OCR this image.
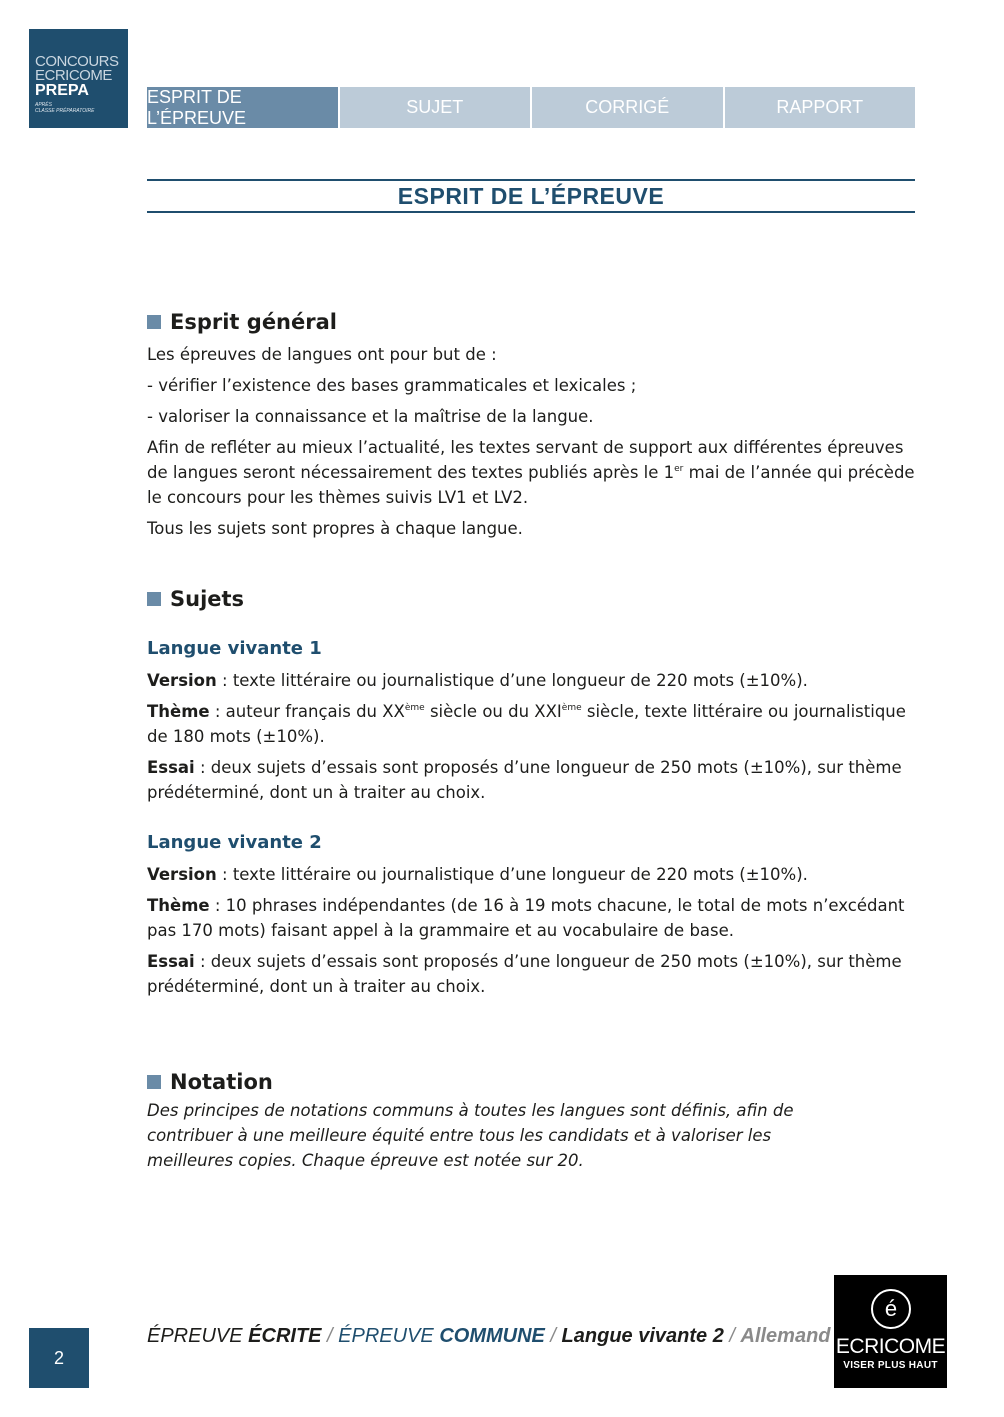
CONCOURS
ECRICOME
PREPA
APRÈS
CLASSE PRÉPARATOIRE
ESPRIT DE L’ÉPREUVE
SUJET	CORRIGÉ	RAPPORT
ESPRIT DE L’ÉPREUVE
Esprit général

Les épreuves de langues ont pour but de :

- vérifier l’existence des bases grammaticales et lexicales ;

- valoriser la connaissance et la maîtrise de la langue.

Afin de refléter au mieux l’actualité, les textes servant de support aux différentes épreuves de langues seront nécessairement des textes publiés après le 1er mai de l’année qui précède le concours pour les thèmes suivis LV1 et LV2.

Tous les sujets sont propres à chaque langue.

Sujets
Langue vivante 1

Version : texte littéraire ou journalistique d’une longueur de 220 mots (±10%).

Thème : auteur français du XXème siècle ou du XXIème siècle, texte littéraire ou journalistique de 180 mots (±10%).

Essai : deux sujets d’essais sont proposés d’une longueur de 250 mots (±10%), sur thème prédéterminé, dont un à traiter au choix.

Langue vivante 2

Version : texte littéraire ou journalistique d’une longueur de 220 mots (±10%).

Thème : 10 phrases indépendantes (de 16 à 19 mots chacune, le total de mots n’excédant pas 170 mots) faisant appel à la grammaire et au vocabulaire de base.

Essai : deux sujets d’essais sont proposés d’une longueur de 250 mots (±10%), sur thème prédéterminé, dont un à traiter au choix.

Notation

Des principes de notations communs à toutes les langues sont définis, afin de

contribuer à une meilleure équité entre tous les candidats et à valoriser les

meilleures copies. Chaque épreuve est notée sur 20.

2
ÉPREUVE ÉCRITE / ÉPREUVE COMMUNE / Langue vivante 2 / Allemand
é
ECRICOME
VISER PLUS HAUT
